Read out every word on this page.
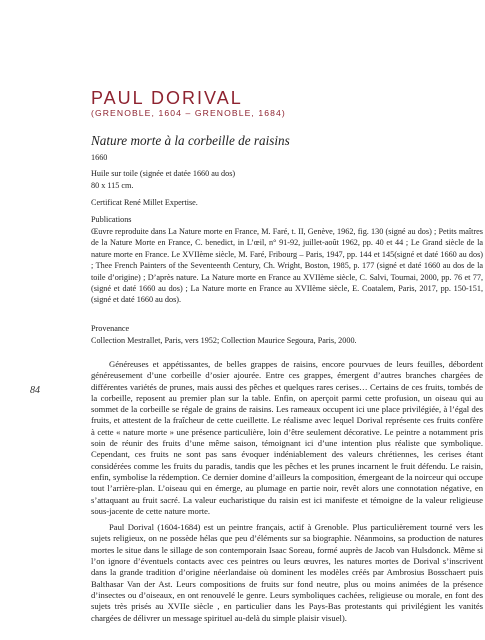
PAUL DORIVAL
(GRENOBLE, 1604 – GRENOBLE, 1684)
Nature morte à la corbeille de raisins
1660
Huile sur toile (signée et datée 1660 au dos)
80 x 115 cm.
Certificat René Millet Expertise.
Publications
Œuvre reproduite dans La Nature morte en France, M. Faré, t. II, Genève, 1962, fig. 130 (signé au dos) ; Petits maîtres de la Nature Morte en France, C. benedict, in L’œil, n° 91-92, juillet-août 1962, pp. 40 et 44 ; Le Grand siècle de la nature morte en France. Le XVIIème siècle, M. Faré, Fribourg – Paris, 1947, pp. 144 et 145(signé et daté 1660 au dos) ; Thee French Painters of the Seventeenth Century, Ch. Wright, Boston, 1985, p. 177 (signé et daté 1660 au dos de la toile d’origine) ; D’après nature. La Nature morte en France au XVIIème siècle, C. Salvi, Tournai, 2000, pp. 76 et 77, (signé et daté 1660 au dos) ; La Nature morte en France au XVIIème siècle, E. Coatalem, Paris, 2017, pp. 150-151, (signé et daté 1660 au dos).
Provenance
Collection Mestrallet, Paris, vers 1952; Collection Maurice Segoura, Paris, 2000.

Généreuses et appétissantes, de belles grappes de raisins, encore pourvues de leurs feuilles, débordent généreusement d’une corbeille d’osier ajourée. Entre ces grappes, émergent d’autres branches chargées de différentes variétés de prunes, mais aussi des pêches et quelques rares cerises… Certains de ces fruits, tombés de la corbeille, reposent au premier plan sur la table. Enfin, on aperçoit parmi cette profusion, un oiseau qui au sommet de la corbeille se régale de grains de raisins. Les rameaux occupent ici une place privilégiée, à l’égal des fruits, et attestent de la fraîcheur de cette cueillette. Le réalisme avec lequel Dorival représente ces fruits confère à cette « nature morte » une présence particulière, loin d’être seulement décorative. Le peintre a notamment pris soin de réunir des fruits d’une même saison, témoignant ici d’une intention plus réaliste que symbolique. Cependant, ces fruits ne sont pas sans évoquer indéniablement des valeurs chrétiennes, les cerises étant considérées comme les fruits du paradis, tandis que les pêches et les prunes incarnent le fruit défendu. Le raisin, enfin, symbolise la rédemption. Ce dernier domine d’ailleurs la composition, émergeant de la noirceur qui occupe tout l’arrière-plan. L’oiseau qui en émerge, au plumage en partie noir, revêt alors une connotation négative, en s’attaquant au fruit sacré. La valeur eucharistique du raisin est ici manifeste et témoigne de la valeur religieuse sous-jacente de cette nature morte.

Paul Dorival (1604-1684) est un peintre français, actif à Grenoble. Plus particulièrement tourné vers les sujets religieux, on ne possède hélas que peu d’éléments sur sa biographie. Néanmoins, sa production de natures mortes le situe dans le sillage de son contemporain Isaac Soreau, formé auprès de Jacob van Hulsdonck. Même si l’on ignore d’éventuels contacts avec ces peintres ou leurs œuvres, les natures mortes de Dorival s’inscrivent dans la grande tradition d’origine néerlandaise où dominent les modèles créés par Ambrosius Bosschaert puis Balthasar Van der Ast. Leurs compositions de fruits sur fond neutre, plus ou moins animées de la présence d’insectes ou d’oiseaux, en ont renouvelé le genre. Leurs symboliques cachées, religieuse ou morale, en font des sujets très prisés au XVIIe siècle , en particulier dans les Pays-Bas protestants qui privilégient les vanités chargées de délivrer un message spirituel au-delà du simple plaisir visuel).

84
